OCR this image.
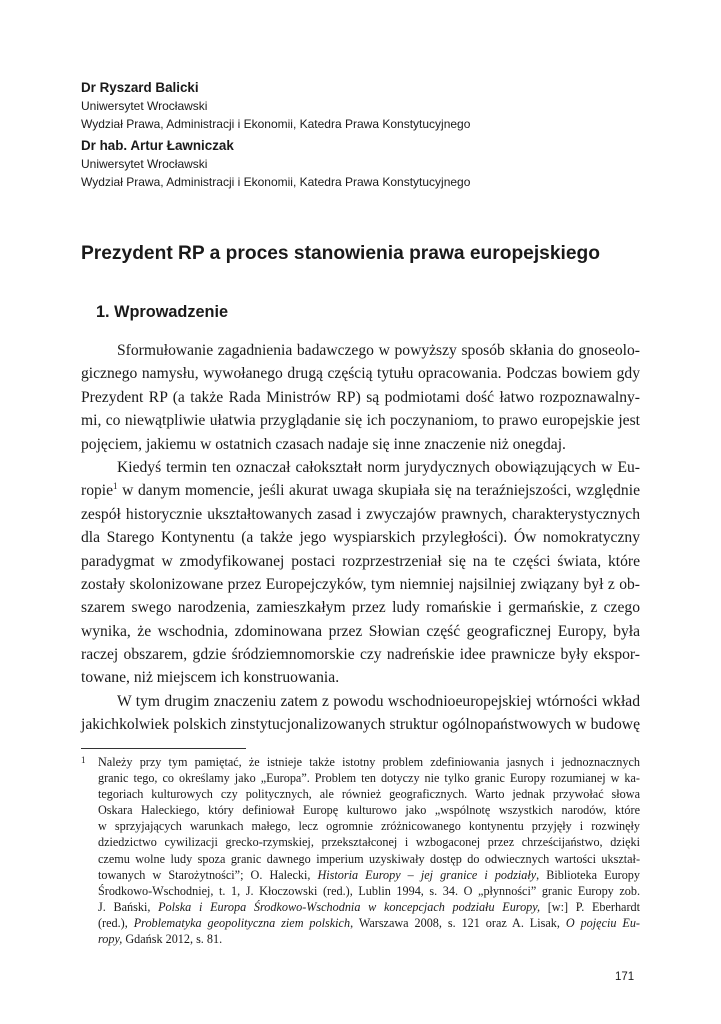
Dr Ryszard Balicki
Uniwersytet Wrocławski
Wydział Prawa, Administracji i Ekonomii, Katedra Prawa Konstytucyjnego
Dr hab. Artur Ławniczak
Uniwersytet Wrocławski
Wydział Prawa, Administracji i Ekonomii, Katedra Prawa Konstytucyjnego
Prezydent RP a proces stanowienia prawa europejskiego
1. Wprowadzenie
Sformułowanie zagadnienia badawczego w powyższy sposób skłania do gnoseolo-
gicznego namysłu, wywołanego drugą częścią tytułu opracowania. Podczas bowiem gdy
Prezydent RP (a także Rada Ministrów RP) są podmiotami dość łatwo rozpoznawalny-
mi, co niewątpliwie ułatwia przyglądanie się ich poczynaniom, to prawo europejskie jest
pojęciem, jakiemu w ostatnich czasach nadaje się inne znaczenie niż onegdaj.
Kiedyś termin ten oznaczał całokształt norm jurydycznych obowiązujących w Eu-
ropie$^1$ w danym momencie, jeśli akurat uwaga skupiała się na teraźniejszości, względnie
zespół historycznie ukształtowanych zasad i zwyczajów prawnych, charakterystycznych
dla Starego Kontynentu (a także jego wyspiarskich przyległości). Ów nomokratyczny
paradygmat w zmodyfikowanej postaci rozprzestrzeniał się na te części świata, które
zostały skolonizowane przez Europejczyków, tym niemniej najsilniej związany był z ob-
szarem swego narodzenia, zamieszkałym przez ludy romańskie i germańskie, z czego
wynika, że wschodnia, zdominowana przez Słowian część geograficznej Europy, była
raczej obszarem, gdzie śródziemnomorskie czy nadreńskie idee prawnicze były ekspor-
towane, niż miejscem ich konstruowania.
W tym drugim znaczeniu zatem z powodu wschodnioeuropejskiej wtórności wkład
jakichkolwiek polskich zinstytucjonalizowanych struktur ogólnopaństwowych w budowę
1 Należy przy tym pamiętać, że istnieje także istotny problem zdefiniowania jasnych i jednoznacznych
granic tego, co określamy jako „Europa”. Problem ten dotyczy nie tylko granic Europy rozumianej w ka-
tegoriach kulturowych czy politycznych, ale również geograficznych. Warto jednak przywołać słowa
Oskara Haleckiego, który definiował Europę kulturowo jako „wspólnotę wszystkich narodów, które
w sprzyjających warunkach małego, lecz ogromnie zróżnicowanego kontynentu przyjęły i rozwinęły
dziedzictwo cywilizacji grecko-rzymskiej, przekształconej i wzbogaconej przez chrześcijaństwo, dzięki
czemu wolne ludy spoza granic dawnego imperium uzyskiwały dostęp do odwiecznych wartości ukształ-
towanych w Starożytności”; O. Halecki, Historia Europy – jej granice i podziały, Biblioteka Europy
Środkowo-Wschodniej, t. 1, J. Kłoczowski (red.), Lublin 1994, s. 34. O „płynności” granic Europy zob.
J. Bański, Polska i Europa Środkowo-Wschodnia w koncepcjach podziału Europy, [w:] P. Eberhardt
(red.), Problematyka geopolityczna ziem polskich, Warszawa 2008, s. 121 oraz A. Lisak, O pojęciu Eu-
ropy, Gdańsk 2012, s. 81.
171
